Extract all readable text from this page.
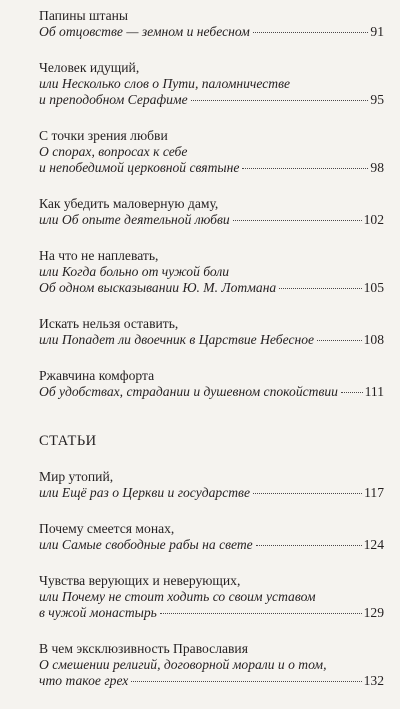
Папины штаны
Об отцовстве — земном и небесном	91
Человек идущий,
или Несколько слов о Пути, паломничестве
и преподобном Серафиме	95
С точки зрения любви
О спорах, вопросах к себе
и непобедимой церковной святыне	98
Как убедить маловерную даму,
или Об опыте деятельной любви	102
На что не наплевать,
или Когда больно от чужой боли
Об одном высказывании Ю. М. Лотмана	105
Искать нельзя оставить,
или Попадет ли двоечник в Царствие Небесное	108
Ржавчина комфорта
Об удобствах, страдании и душевном спокойствии 111
СТАТЬИ
Мир утопий,
или Ещё раз о Церкви и государстве	117
Почему смеется монах,
или Самые свободные рабы на свете	124
Чувства верующих и неверующих,
или Почему не стоит ходить со своим уставом
в чужой монастырь	129
В чем эксклюзивность Православия
О смешении религий, договорной морали и о том,
что такое грех	132
